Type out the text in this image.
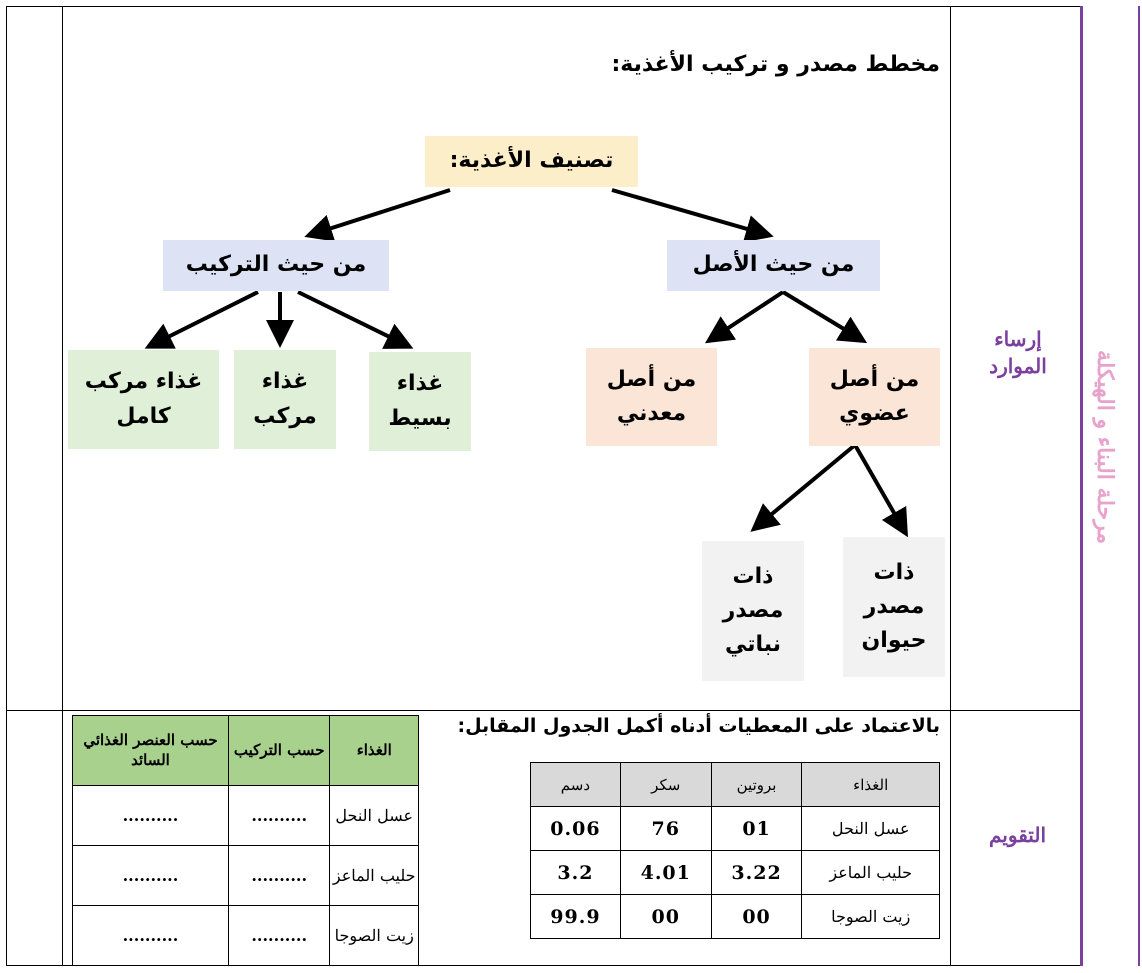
مرحلة البناء و الهيكلة
إرساء الموارد
التقويم
مخطط مصدر و تركيب الأغذية:
تصنيف الأغذية:
من حيث الأصل
من حيث التركيب
من أصل عضوي
من أصل معدني
ذات مصدر حيوان
ذات مصدر نباتي
غذاء بسيط
غذاء مركب
غذاء مركب كامل
بالاعتماد على المعطيات أدناه أكمل الجدول المقابل:
الغذاء	حسب التركيب	حسب العنصر الغذائي السائد
عسل النحل	..........	..........
حليب الماعز	..........	..........
زيت الصوجا	..........	..........
الغذاء	بروتين	سكر	دسم
عسل النحل	01	76	0.06
حليب الماعز	3.22	4.01	3.2
زيت الصوجا	00	00	99.9
